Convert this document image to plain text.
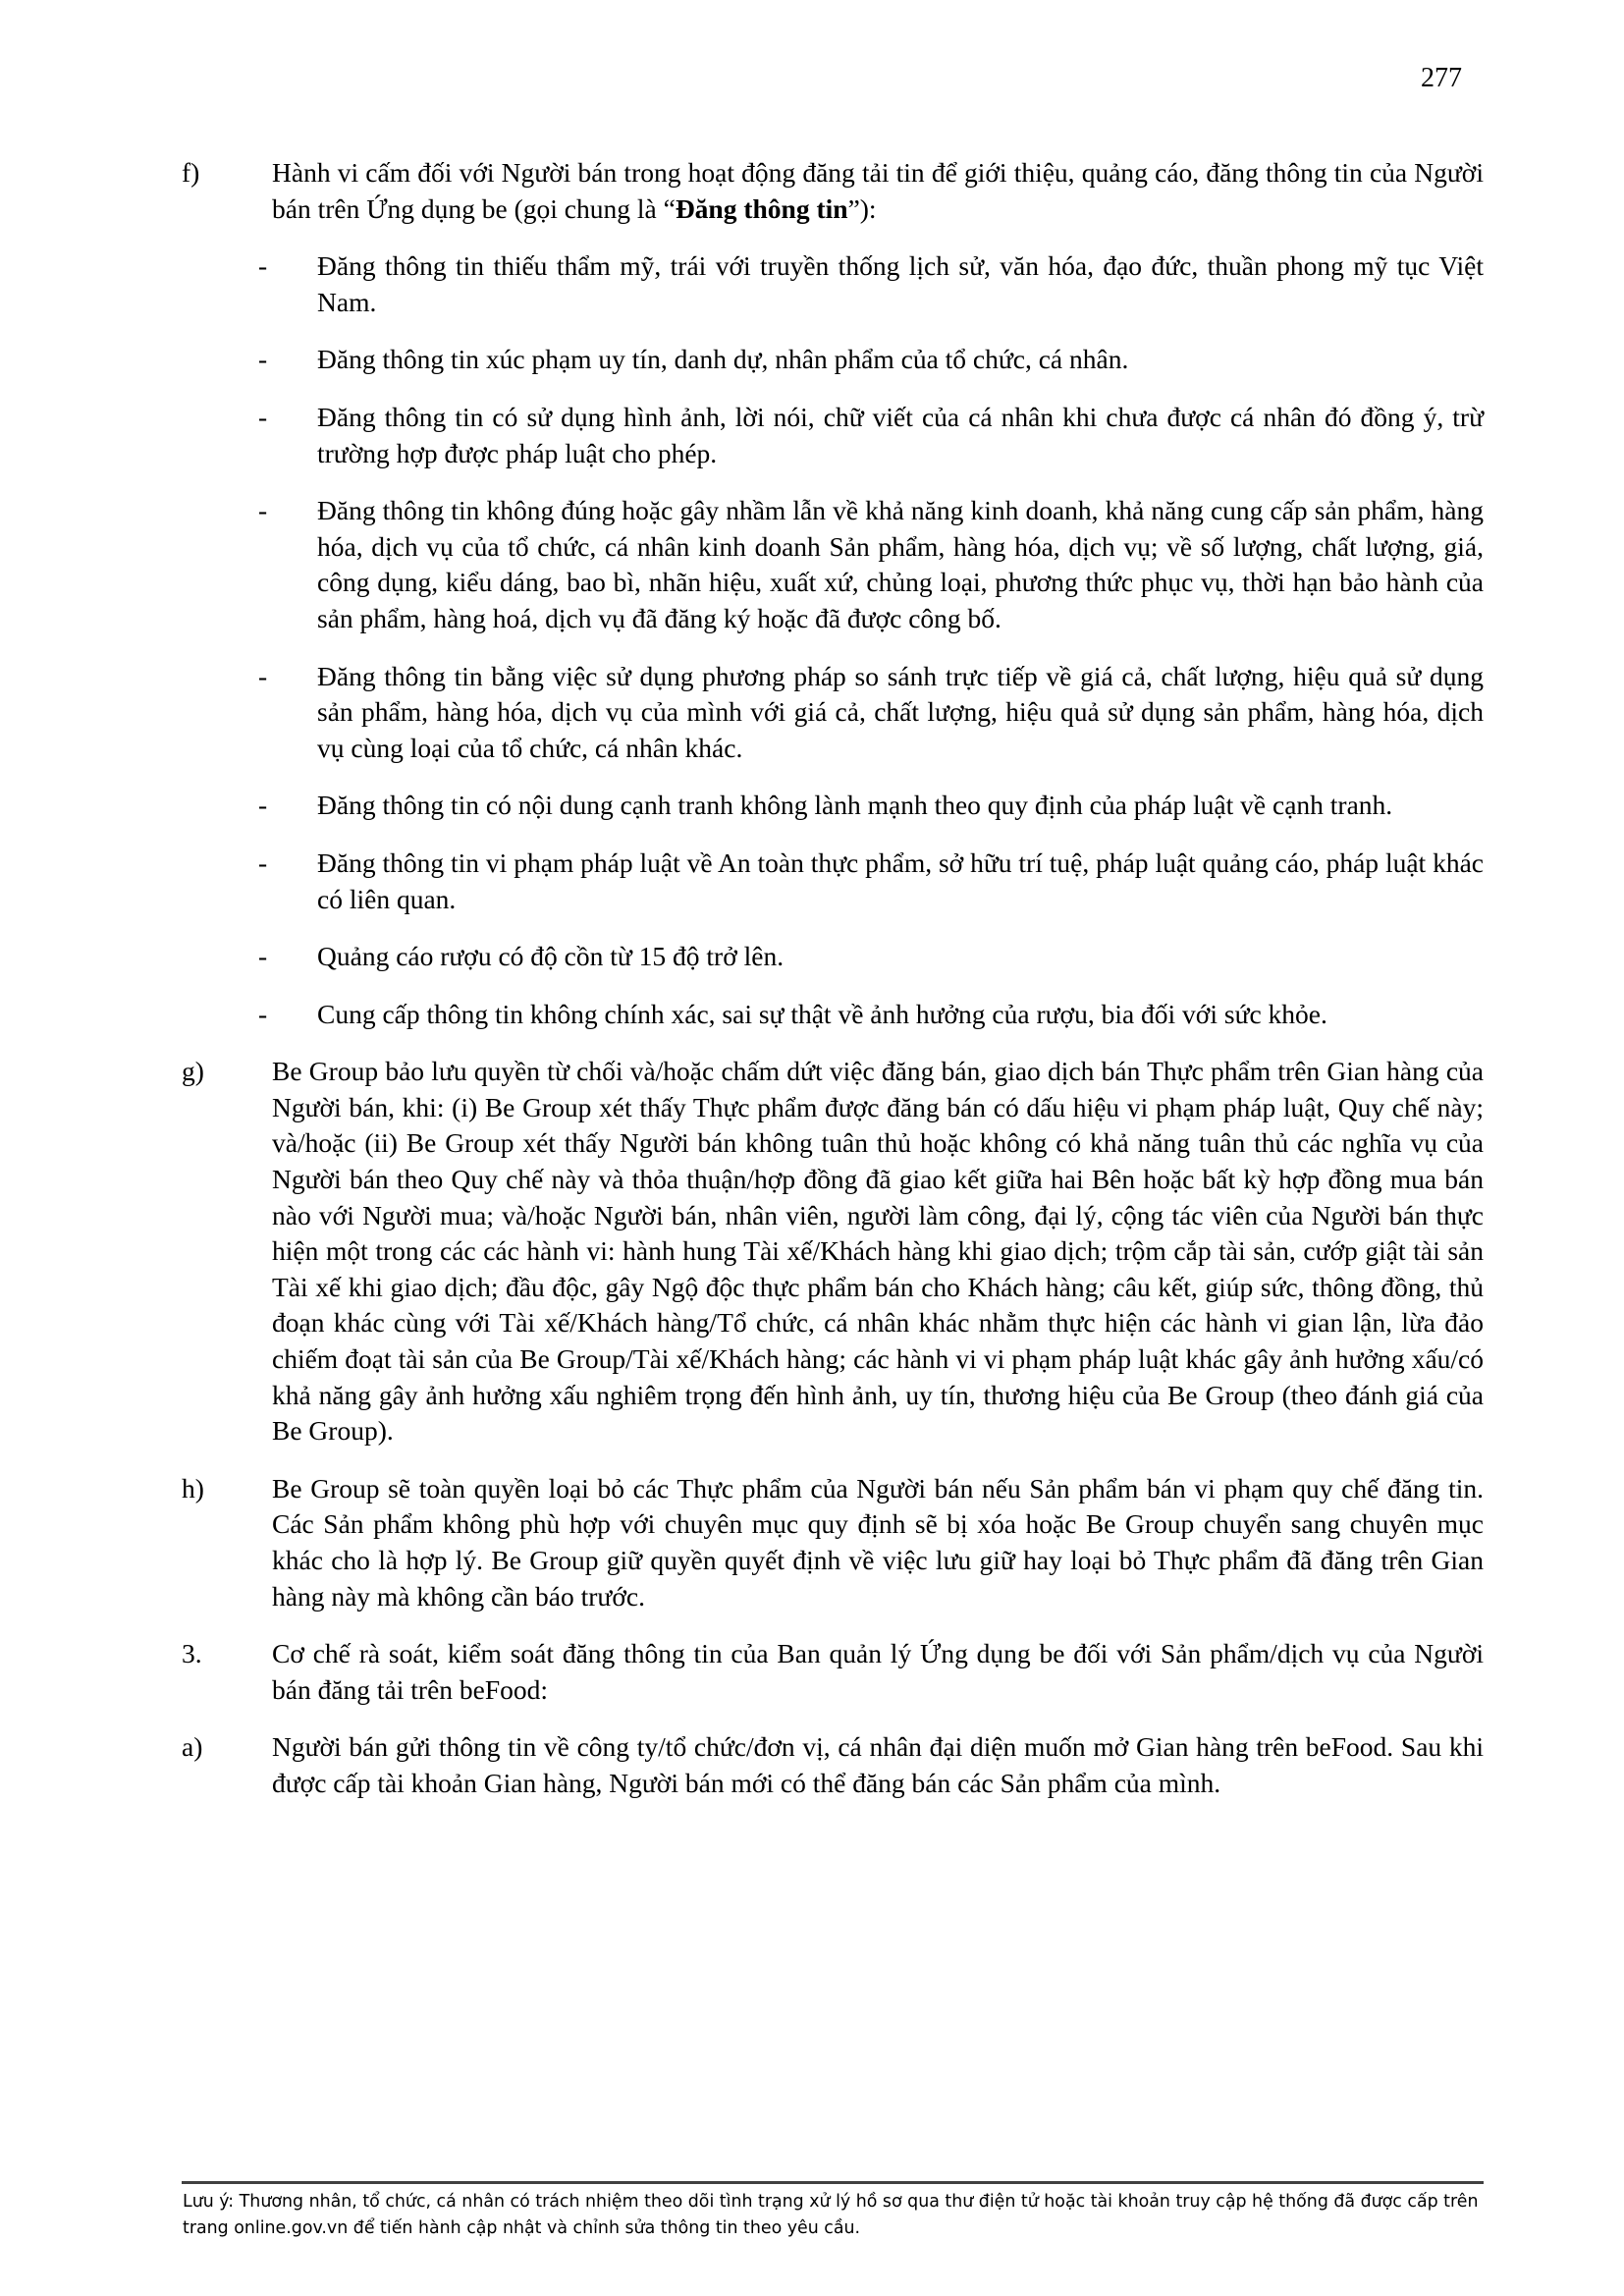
277
f)	Hành vi cấm đối với Người bán trong hoạt động đăng tải tin để giới thiệu, quảng cáo, đăng thông tin của Người bán trên Ứng dụng be (gọi chung là “Đăng thông tin”):
- Đăng thông tin thiếu thẩm mỹ, trái với truyền thống lịch sử, văn hóa, đạo đức, thuần phong mỹ tục Việt Nam.
- Đăng thông tin xúc phạm uy tín, danh dự, nhân phẩm của tổ chức, cá nhân.
- Đăng thông tin có sử dụng hình ảnh, lời nói, chữ viết của cá nhân khi chưa được cá nhân đó đồng ý, trừ trường hợp được pháp luật cho phép.
- Đăng thông tin không đúng hoặc gây nhầm lẫn về khả năng kinh doanh, khả năng cung cấp sản phẩm, hàng hóa, dịch vụ của tổ chức, cá nhân kinh doanh Sản phẩm, hàng hóa, dịch vụ; về số lượng, chất lượng, giá, công dụng, kiểu dáng, bao bì, nhãn hiệu, xuất xứ, chủng loại, phương thức phục vụ, thời hạn bảo hành của sản phẩm, hàng hoá, dịch vụ đã đăng ký hoặc đã được công bố.
- Đăng thông tin bằng việc sử dụng phương pháp so sánh trực tiếp về giá cả, chất lượng, hiệu quả sử dụng sản phẩm, hàng hóa, dịch vụ của mình với giá cả, chất lượng, hiệu quả sử dụng sản phẩm, hàng hóa, dịch vụ cùng loại của tổ chức, cá nhân khác.
- Đăng thông tin có nội dung cạnh tranh không lành mạnh theo quy định của pháp luật về cạnh tranh.
- Đăng thông tin vi phạm pháp luật về An toàn thực phẩm, sở hữu trí tuệ, pháp luật quảng cáo, pháp luật khác có liên quan.
- Quảng cáo rượu có độ cồn từ 15 độ trở lên.
- Cung cấp thông tin không chính xác, sai sự thật về ảnh hưởng của rượu, bia đối với sức khỏe.
g)	Be Group bảo lưu quyền từ chối và/hoặc chấm dứt việc đăng bán, giao dịch bán Thực phẩm trên Gian hàng của Người bán, khi: (i) Be Group xét thấy Thực phẩm được đăng bán có dấu hiệu vi phạm pháp luật, Quy chế này; và/hoặc (ii) Be Group xét thấy Người bán không tuân thủ hoặc không có khả năng tuân thủ các nghĩa vụ của Người bán theo Quy chế này và thỏa thuận/hợp đồng đã giao kết giữa hai Bên hoặc bất kỳ hợp đồng mua bán nào với Người mua; và/hoặc Người bán, nhân viên, người làm công, đại lý, cộng tác viên của Người bán thực hiện một trong các các hành vi: hành hung Tài xế/Khách hàng khi giao dịch; trộm cắp tài sản, cướp giật tài sản Tài xế khi giao dịch; đầu độc, gây Ngộ độc thực phẩm bán cho Khách hàng; câu kết, giúp sức, thông đồng, thủ đoạn khác cùng với Tài xế/Khách hàng/Tổ chức, cá nhân khác nhằm thực hiện các hành vi gian lận, lừa đảo chiếm đoạt tài sản của Be Group/Tài xế/Khách hàng; các hành vi vi phạm pháp luật khác gây ảnh hưởng xấu/có khả năng gây ảnh hưởng xấu nghiêm trọng đến hình ảnh, uy tín, thương hiệu của Be Group (theo đánh giá của Be Group).
h)	Be Group sẽ toàn quyền loại bỏ các Thực phẩm của Người bán nếu Sản phẩm bán vi phạm quy chế đăng tin. Các Sản phẩm không phù hợp với chuyên mục quy định sẽ bị xóa hoặc Be Group chuyển sang chuyên mục khác cho là hợp lý. Be Group giữ quyền quyết định về việc lưu giữ hay loại bỏ Thực phẩm đã đăng trên Gian hàng này mà không cần báo trước.
3.	Cơ chế rà soát, kiểm soát đăng thông tin của Ban quản lý Ứng dụng be đối với Sản phẩm/dịch vụ của Người bán đăng tải trên beFood:
a)	Người bán gửi thông tin về công ty/tổ chức/đơn vị, cá nhân đại diện muốn mở Gian hàng trên beFood. Sau khi được cấp tài khoản Gian hàng, Người bán mới có thể đăng bán các Sản phẩm của mình.
Lưu ý: Thương nhân, tổ chức, cá nhân có trách nhiệm theo dõi tình trạng xử lý hồ sơ qua thư điện tử hoặc tài khoản truy cập hệ thống đã được cấp trên trang online.gov.vn để tiến hành cập nhật và chỉnh sửa thông tin theo yêu cầu.
